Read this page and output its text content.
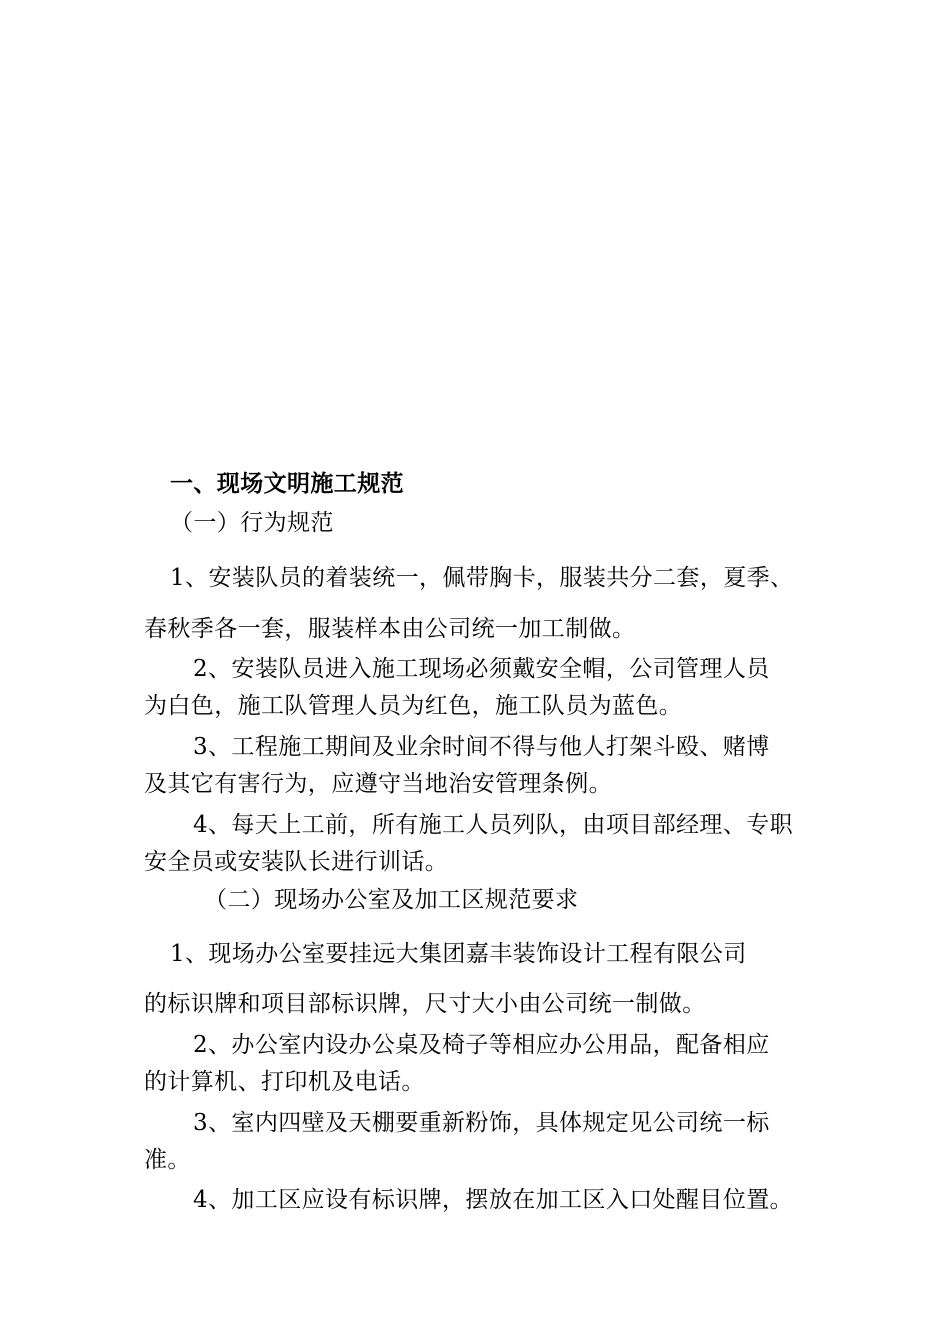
一、现场文明施工规范
（一）行为规范
1、安装队员的着装统一，佩带胸卡，服装共分二套，夏季、
春秋季各一套，服装样本由公司统一加工制做。
2、安装队员进入施工现场必须戴安全帽，公司管理人员
为白色，施工队管理人员为红色，施工队员为蓝色。
3、工程施工期间及业余时间不得与他人打架斗殴、赌博
及其它有害行为，应遵守当地治安管理条例。
4、每天上工前，所有施工人员列队，由项目部经理、专职
安全员或安装队长进行训话。
（二）现场办公室及加工区规范要求
1、现场办公室要挂远大集团嘉丰装饰设计工程有限公司
的标识牌和项目部标识牌，尺寸大小由公司统一制做。
2、办公室内设办公桌及椅子等相应办公用品，配备相应
的计算机、打印机及电话。
3、室内四壁及天棚要重新粉饰，具体规定见公司统一标
准。
4、加工区应设有标识牌，摆放在加工区入口处醒目位置。
